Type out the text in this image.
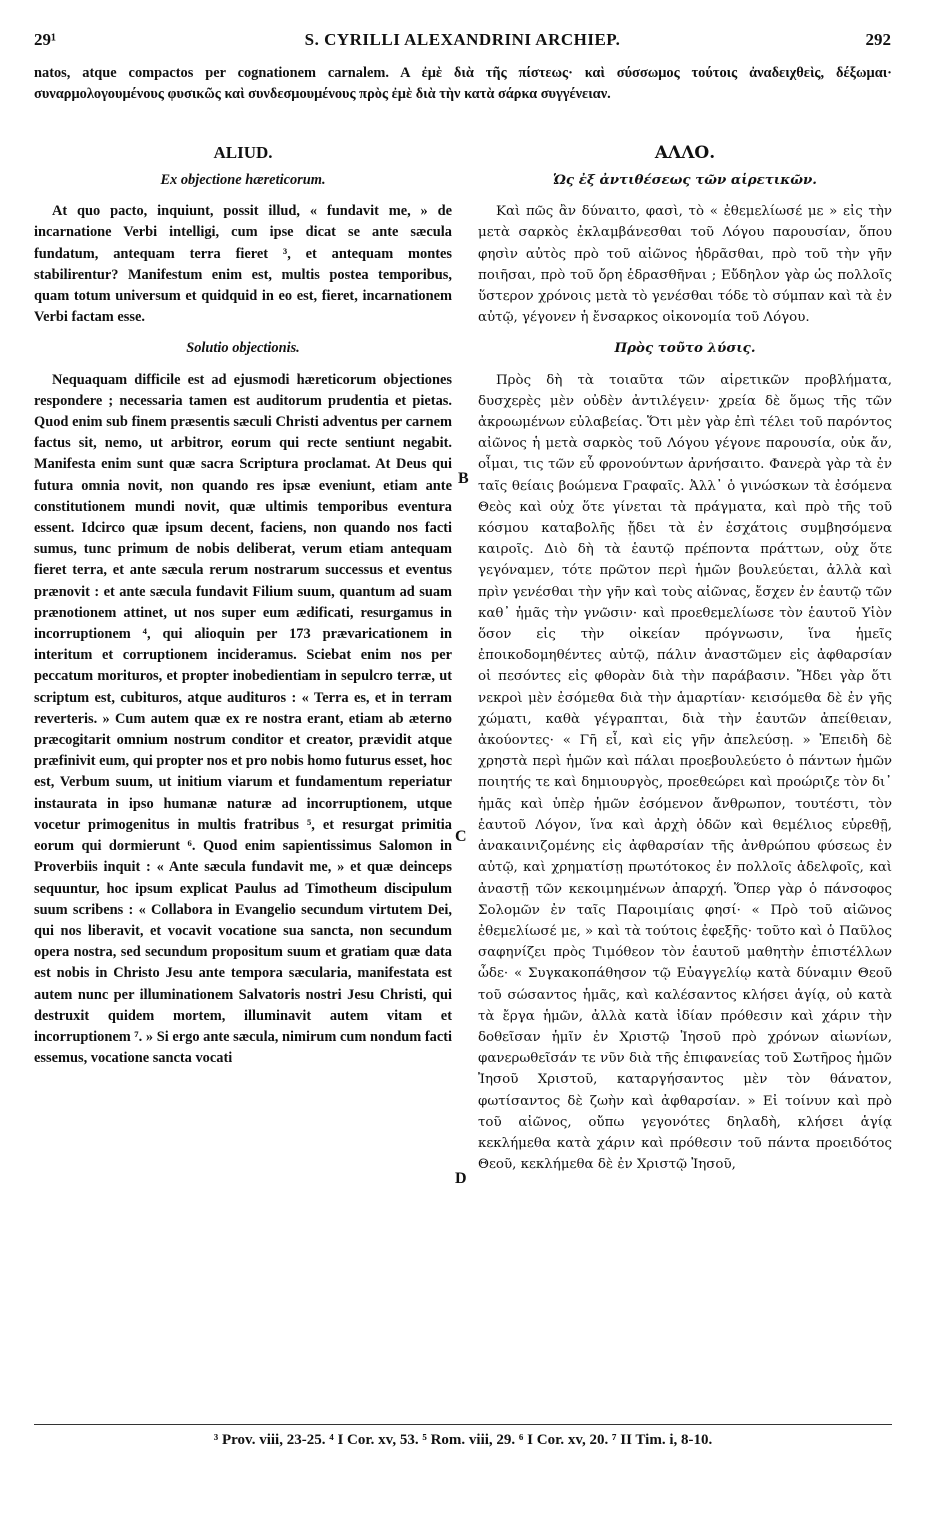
29¹	S. CYRILLI ALEXANDRINI ARCHIEP.	292
natos, atque compactos per cognationem carnalem. A ἐμὲ διὰ τῆς πίστεως· καὶ σύσσωμος τούτοις ἀναδειχθεὶς, δέξωμαι· συναρμολογουμένους φυσικῶς καὶ συνδεσμουμένους πρὸς ἐμὲ διὰ τὴν κατὰ σάρκα συγγένειαν.
ALIUD.
Ex objectione hæreticorum.

At quo pacto, inquiunt, possit illud, « fundavit me, » de incarnatione Verbi intelligi, cum ipse dicat se ante sæcula fundatum, antequam terra fieret ³, et antequam montes stabilirentur? Manifestum enim est, multis postea temporibus, quam totum universum et quidquid in eo est, fieret, incarnationem Verbi factam esse.

Solutio objectionis.

Nequaquam difficile est ad ejusmodi hæreticorum objectiones respondere ; necessaria tamen est auditorum prudentia et pietas. Quod enim sub finem præsentis sæculi Christi adventus per carnem factus sit, nemo, ut arbitror, eorum qui recte sentiunt negabit. Manifesta enim sunt quæ sacra Scriptura proclamat. At Deus qui futura omnia novit, non quando res ipsæ eveniunt, etiam ante constitutionem mundi novit, quæ ultimis temporibus eventura essent. Idcirco quæ ipsum decent, faciens, non quando nos facti sumus, tunc primum de nobis deliberat, verum etiam antequam fieret terra, et ante sæcula rerum nostrarum successus et eventus prænovit : et ante sæcula fundavit Filium suum, quantum ad suam prænotionem attinet, ut nos super eum ædificati, resurgamus in incorruptionem ⁴, qui alioquin per 173 prævaricationem in interitum et corruptionem incideramus. Sciebat enim nos per peccatum morituros, et propter inobedientiam in sepulcro terræ, ut scriptum est, cubituros, atque audituros : « Terra es, et in terram reverteris. » Cum autem quæ ex re nostra erant, etiam ab æterno præcogitarit omnium nostrum conditor et creator, prævidit atque præfinivit eum, qui propter nos et pro nobis homo futurus esset, hoc est, Verbum suum, ut initium viarum et fundamentum reperiatur instaurata in ipso humanæ naturæ ad incorruptionem, utque vocetur primogenitus in multis fratribus ⁵, et resurgat primitia eorum qui dormierunt ⁶. Quod enim sapientissimus Salomon in Proverbiis inquit : « Ante sæcula fundavit me, » et quæ deinceps sequuntur, hoc ipsum explicat Paulus ad Timotheum discipulum suum scribens : « Collabora in Evangelio secundum virtutem Dei, qui nos liberavit, et vocavit vocatione sua sancta, non secundum opera nostra, sed secundum propositum suum et gratiam quæ data est nobis in Christo Jesu ante tempora sæcularia, manifestata est autem nunc per illuminationem Salvatoris nostri Jesu Christi, qui destruxit quidem mortem, illuminavit autem vitam et incorruptionem ⁷. » Si ergo ante sæcula, nimirum cum nondum facti essemus, vocatione sancta vocati

B
C
D
ΑΛΛΟ.
Ὡς ἐξ ἀντιθέσεως τῶν αἱρετικῶν.

Καὶ πῶς ἂν δύναιτο, φασὶ, τὸ « ἐθεμελίωσέ με » εἰς τὴν μετὰ σαρκὸς ἐκλαμβάνεσθαι τοῦ Λόγου παρουσίαν, ὅπου φησὶν αὐτὸς πρὸ τοῦ αἰῶνος ἡδρᾶσθαι, πρὸ τοῦ τὴν γῆν ποιῆσαι, πρὸ τοῦ ὄρη ἑδρασθῆναι ; Εὔδηλον γὰρ ὡς πολλοῖς ὕστερον χρόνοις μετὰ τὸ γενέσθαι τόδε τὸ σύμπαν καὶ τὰ ἐν αὐτῷ, γέγονεν ἡ ἔνσαρκος οἰκονομία τοῦ Λόγου.

Πρὸς τοῦτο λύσις.

Πρὸς δὴ τὰ τοιαῦτα τῶν αἱρετικῶν προβλήματα, δυσχερὲς μὲν οὐδὲν ἀντιλέγειν· χρεία δὲ ὅμως τῆς τῶν ἀκροωμένων εὐλαβείας. Ὅτι μὲν γὰρ ἐπὶ τέλει τοῦ παρόντος αἰῶνος ἡ μετὰ σαρκὸς τοῦ Λόγου γέγονε παρουσία, οὐκ ἄν, οἶμαι, τις τῶν εὖ φρονούντων ἀρνήσαιτο. Φανερὰ γὰρ τὰ ἐν ταῖς θείαις βοώμενα Γραφαῖς. Ἀλλ᾽ ὁ γινώσκων τὰ ἐσόμενα Θεὸς καὶ οὐχ ὅτε γίνεται τὰ πράγματα, καὶ πρὸ τῆς τοῦ κόσμου καταβολῆς ᾔδει τὰ ἐν ἐσχάτοις συμβησόμενα καιροῖς. Διὸ δὴ τὰ ἑαυτῷ πρέποντα πράττων, οὐχ ὅτε γεγόναμεν, τότε πρῶτον περὶ ἡμῶν βουλεύεται, ἀλλὰ καὶ πρὶν γενέσθαι τὴν γῆν καὶ τοὺς αἰῶνας, ἔσχεν ἐν ἑαυτῷ τῶν καθ᾽ ἡμᾶς τὴν γνῶσιν· καὶ προεθεμελίωσε τὸν ἑαυτοῦ Υἱὸν ὅσον εἰς τὴν οἰκείαν πρόγνωσιν, ἵνα ἡμεῖς ἐποικοδομηθέντες αὐτῷ, πάλιν ἀναστῶμεν εἰς ἀφθαρσίαν οἱ πεσόντες εἰς φθορὰν διὰ τὴν παράβασιν. Ἤδει γὰρ ὅτι νεκροὶ μὲν ἐσόμεθα διὰ τὴν ἁμαρτίαν· κεισόμεθα δὲ ἐν γῆς χώματι, καθὰ γέγραπται, διὰ τὴν ἑαυτῶν ἀπείθειαν, ἀκούοντες· « Γῆ εἶ, καὶ εἰς γῆν ἀπελεύσῃ. » Ἐπειδὴ δὲ χρηστὰ περὶ ἡμῶν καὶ πάλαι προεβουλεύετο ὁ πάντων ἡμῶν ποιητής τε καὶ δημιουργὸς, προεθεώρει καὶ προώριζε τὸν δι᾽ ἡμᾶς καὶ ὑπὲρ ἡμῶν ἐσόμενον ἄνθρωπον, τουτέστι, τὸν ἑαυτοῦ Λόγον, ἵνα καὶ ἀρχὴ ὁδῶν καὶ θεμέλιος εὑρεθῇ, ἀνακαινιζομένης εἰς ἀφθαρσίαν τῆς ἀνθρώπου φύσεως ἐν αὐτῷ, καὶ χρηματίσῃ πρωτότοκος ἐν πολλοῖς ἀδελφοῖς, καὶ ἀναστῇ τῶν κεκοιμημένων ἀπαρχή. Ὅπερ γὰρ ὁ πάνσοφος Σολομῶν ἐν ταῖς Παροιμίαις φησί· « Πρὸ τοῦ αἰῶνος ἐθεμελίωσέ με, » καὶ τὰ τούτοις ἐφεξῆς· τοῦτο καὶ ὁ Παῦλος σαφηνίζει πρὸς Τιμόθεον τὸν ἑαυτοῦ μαθητὴν ἐπιστέλλων ὧδε· « Συγκακοπάθησον τῷ Εὐαγγελίῳ κατὰ δύναμιν Θεοῦ τοῦ σώσαντος ἡμᾶς, καὶ καλέσαντος κλήσει ἁγίᾳ, οὐ κατὰ τὰ ἔργα ἡμῶν, ἀλλὰ κατὰ ἰδίαν πρόθεσιν καὶ χάριν τὴν δοθεῖσαν ἡμῖν ἐν Χριστῷ Ἰησοῦ πρὸ χρόνων αἰωνίων, φανερωθεῖσάν τε νῦν διὰ τῆς ἐπιφανείας τοῦ Σωτῆρος ἡμῶν Ἰησοῦ Χριστοῦ, καταργήσαντος μὲν τὸν θάνατον, φωτίσαντος δὲ ζωὴν καὶ ἀφθαρσίαν. » Εἰ τοίνυν καὶ πρὸ τοῦ αἰῶνος, οὔπω γεγονότες δηλαδὴ, κλήσει ἁγίᾳ κεκλήμεθα κατὰ χάριν καὶ πρόθεσιν τοῦ πάντα προειδότος Θεοῦ, κεκλήμεθα δὲ ἐν Χριστῷ Ἰησοῦ,

³ Prov. viii, 23-25. ⁴ I Cor. xv, 53. ⁵ Rom. viii, 29. ⁶ I Cor. xv, 20. ⁷ II Tim. i, 8-10.
